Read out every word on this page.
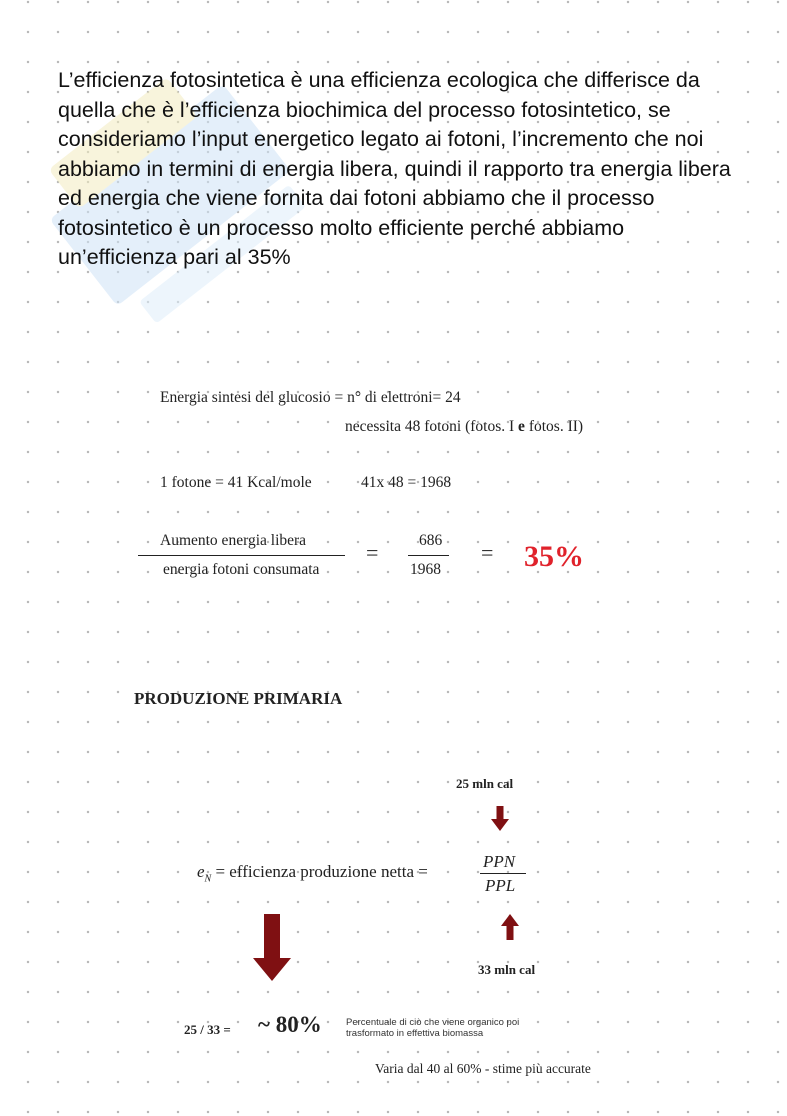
L’efficienza fotosintetica è una efficienza ecologica che differisce da quella che è l’efficienza biochimica del processo fotosintetico, se consideriamo l’input energetico legato ai fotoni, l’incremento che noi abbiamo in termini di energia libera, quindi il rapporto tra energia libera ed energia che viene fornita dai fotoni abbiamo che il processo fotosintetico è un processo molto efficiente perché abbiamo un’efficienza pari al 35%
Energia sintesi del glucosio = n° di elettroni= 24
necessita 48 fotoni (fotos. I e fotos. II)
1 fotone = 41 Kcal/mole	41x 48 = 1968
Aumento energia libera
energia fotoni consumata
=	686
1968
= 35%
PRODUZIONE PRIMARIA
25 mln cal
$e_N$ = efficienza produzione netta =
PPN
PPL
33 mln cal
25 / 33 = ~ 80%	Percentuale di ciò che viene organico poi
trasformato in effettiva biomassa
Varia dal 40 al 60% - stime più accurate
